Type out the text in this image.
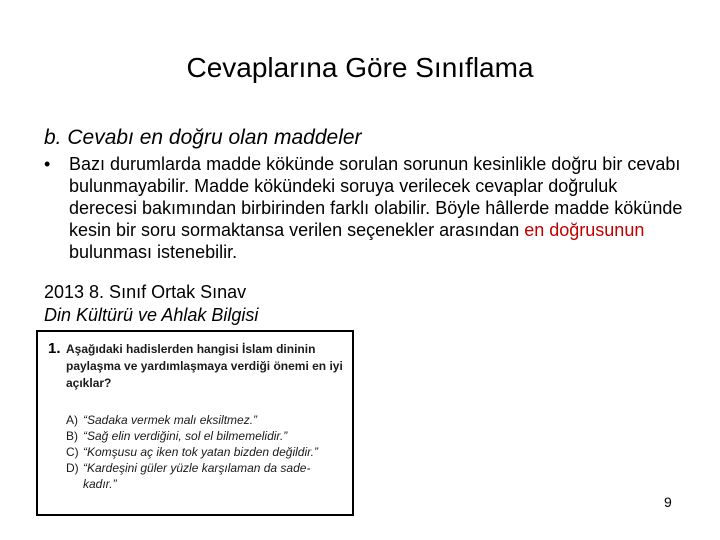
Cevaplarına Göre Sınıflama
b. Cevabı en doğru olan maddeler
• Bazı durumlarda madde kökünde sorulan sorunun kesinlikle doğru bir cevabı bulunmayabilir. Madde kökündeki soruya verilecek cevaplar doğruluk derecesi bakımından birbirinden farklı olabilir. Böyle hâllerde madde kökünde kesin bir soru sormaktansa verilen seçenekler arasından en doğrusunun bulunması istenebilir.
2013 8. Sınıf Ortak Sınav
Din Kültürü ve Ahlak Bilgisi
1. Aşağıdaki hadislerden hangisi İslam dininin paylaşma ve yardımlaşmaya verdiği önemi en iyi açıklar?
A) “Sadaka vermek malı eksiltmez.”
B) “Sağ elin verdiğini, sol el bilmemelidir.”
C) “Komşusu aç iken tok yatan bizden değildir.”
D) “Kardeşini güler yüzle karşılaman da sade-
kadır.”
9
